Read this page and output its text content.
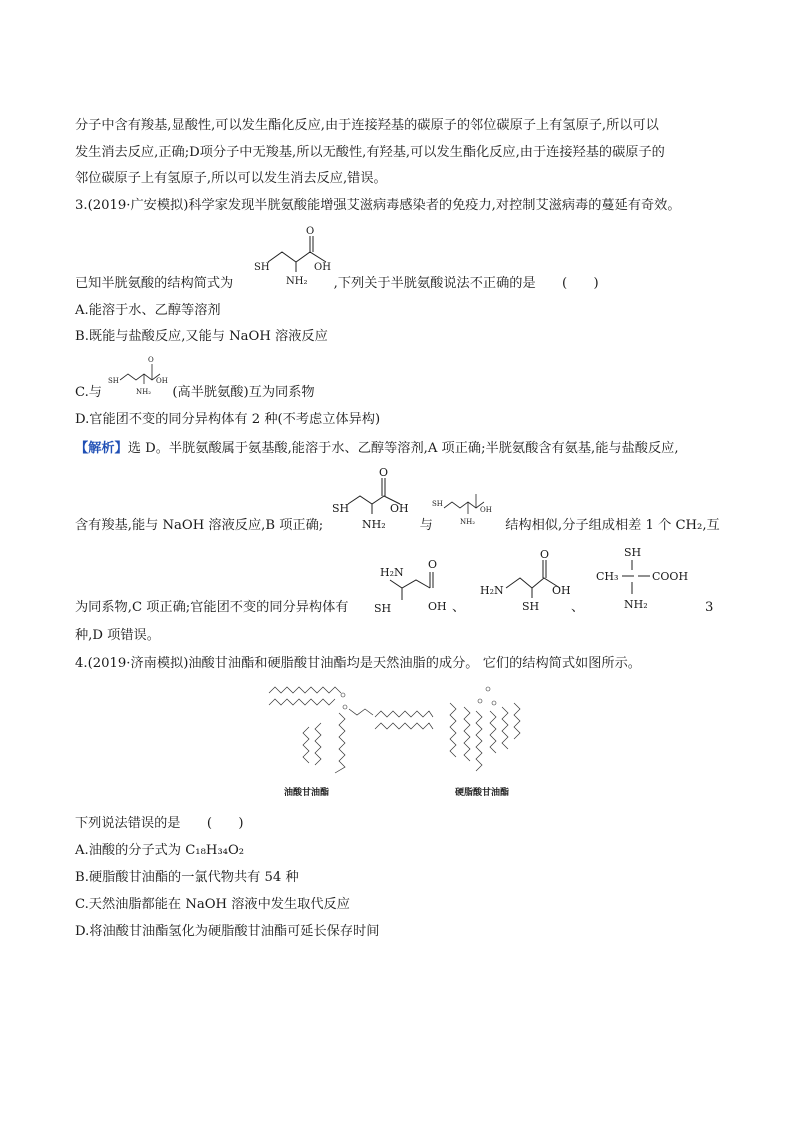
分子中含有羧基,显酸性,可以发生酯化反应,由于连接羟基的碳原子的邻位碳原子上有氢原子,所以可以
发生消去反应,正确;D项分子中无羧基,所以无酸性,有羟基,可以发生酯化反应,由于连接羟基的碳原子的
邻位碳原子上有氢原子,所以可以发生消去反应,错误。
3.(2019·广安模拟)科学家发现半胱氨酸能增强艾滋病毒感染者的免疫力,对控制艾滋病毒的蔓延有奇效。
已知半胱氨酸的结构简式为	,下列关于半胱氨酸说法不正确的是　　(　　)
O
SH	OH
NH₂
A.能溶于水、乙醇等溶剂
B.既能与盐酸反应,又能与 NaOH 溶液反应
C.与	(高半胱氨酸)互为同系物
O
SH	OH
NH₂
D.官能团不变的同分异构体有 2 种(不考虑立体异构)
【解析】选 D。半胱氨酸属于氨基酸,能溶于水、乙醇等溶剂,A 项正确;半胱氨酸含有氨基,能与盐酸反应,
含有羧基,能与 NaOH 溶液反应,B 项正确;	与	结构相似,分子组成相差 1 个 CH₂,互
O
SH	OH
NH₂
SH
OH
NH₂
为同系物,C 项正确;官能团不变的同分异构体有	、	、	3
H₂N
O
SH	OH
H₂N
O
OH
SH
SH
CH₃	COOH
NH₂
种,D 项错误。
4.(2019·济南模拟)油酸甘油酯和硬脂酸甘油酯均是天然油脂的成分。 它们的结构简式如图所示。
油酸甘油酯	硬脂酸甘油酯
下列说法错误的是　　(　　)
A.油酸的分子式为 C₁₈H₃₄O₂
B.硬脂酸甘油酯的一氯代物共有 54 种
C.天然油脂都能在 NaOH 溶液中发生取代反应
D.将油酸甘油酯氢化为硬脂酸甘油酯可延长保存时间
